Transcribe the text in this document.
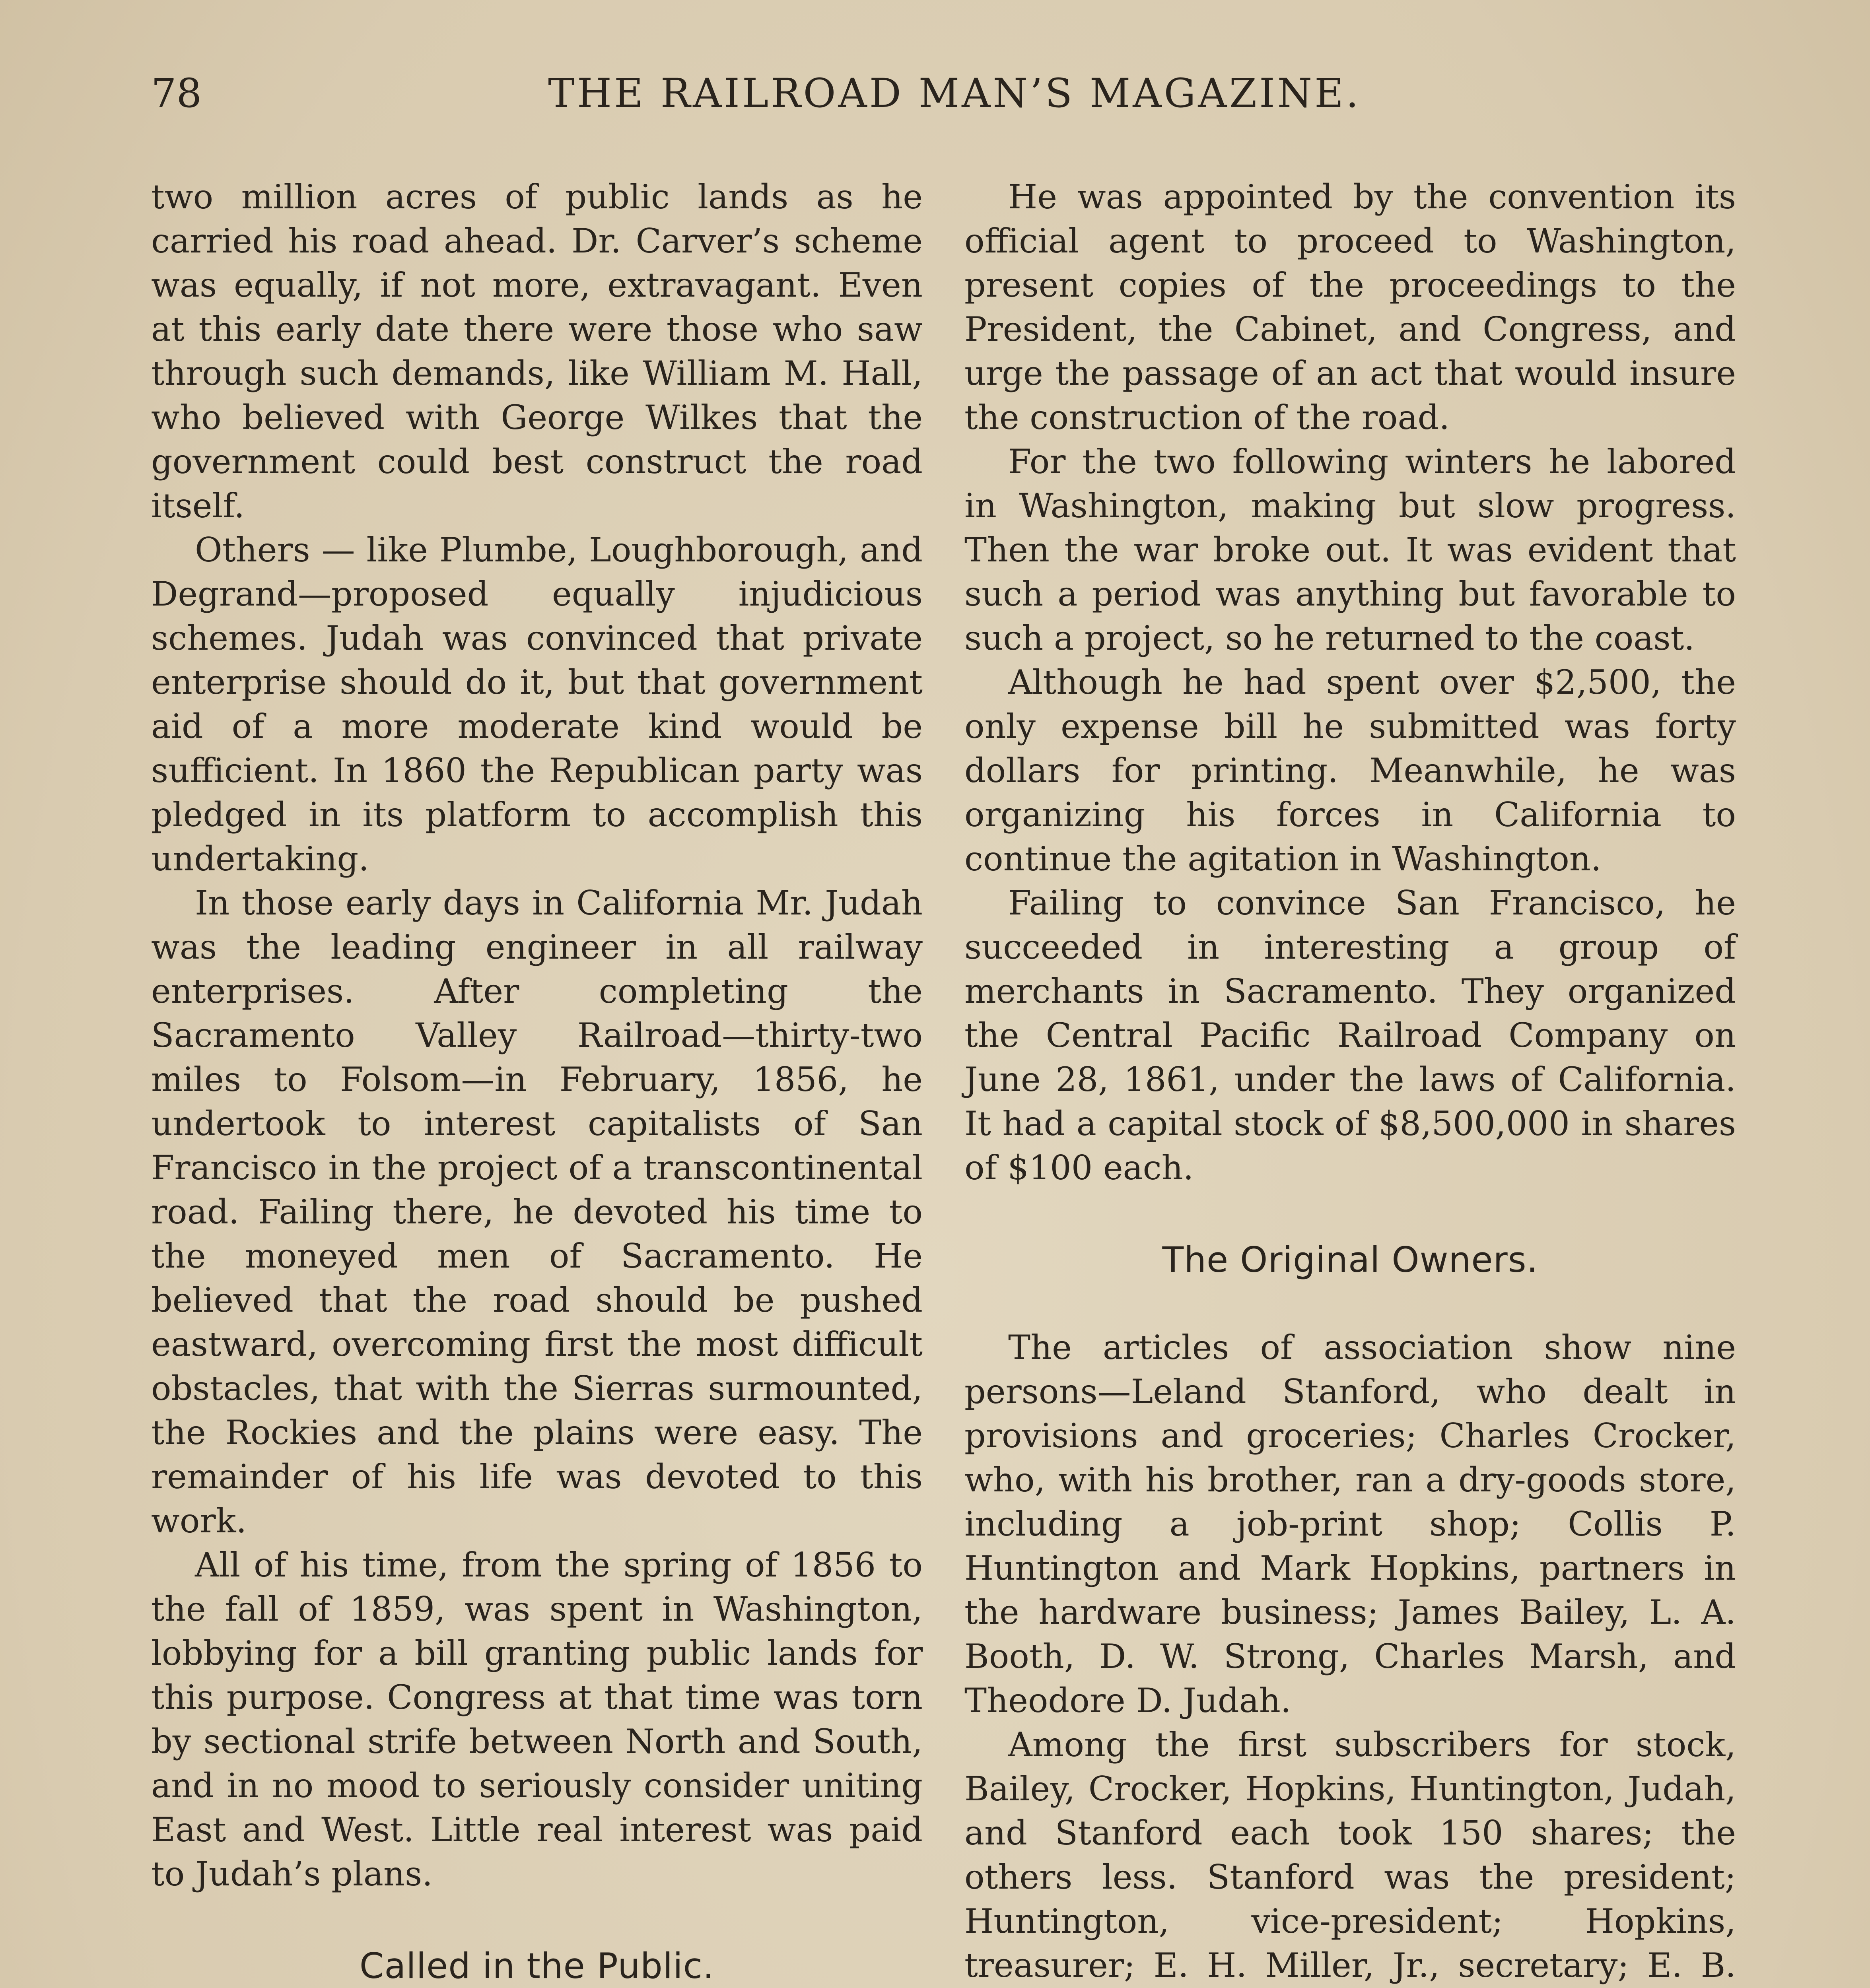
78	THE RAILROAD MAN’S MAGAZINE.

two million acres of public lands as he carried his road ahead. Dr. Carver’s scheme was equally, if not more, extravagant. Even at this early date there were those who saw through such demands, like William M. Hall, who believed with George Wilkes that the government could best construct the road itself.

Others — like Plumbe, Loughborough, and Degrand—proposed equally injudicious schemes. Judah was convinced that private enterprise should do it, but that government aid of a more moderate kind would be sufficient. In 1860 the Republican party was pledged in its platform to accomplish this undertaking.

In those early days in California Mr. Judah was the leading engineer in all railway enterprises. After completing the Sacramento Valley Railroad—thirty-two miles to Folsom—in February, 1856, he undertook to interest capitalists of San Francisco in the project of a transcontinental road. Failing there, he devoted his time to the moneyed men of Sacramento. He believed that the road should be pushed eastward, overcoming first the most difficult obstacles, that with the Sierras surmounted, the Rockies and the plains were easy. The remainder of his life was devoted to this work.

All of his time, from the spring of 1856 to the fall of 1859, was spent in Washington, lobbying for a bill granting public lands for this purpose. Congress at that time was torn by sectional strife between North and South, and in no mood to seriously consider uniting East and West. Little real interest was paid to Judah’s plans.

Called in the Public.

He was appointed by the convention its official agent to proceed to Washington, present copies of the proceedings to the President, the Cabinet, and Congress, and urge the passage of an act that would insure the construction of the road.

For the two following winters he labored in Washington, making but slow progress. Then the war broke out. It was evident that such a period was anything but favorable to such a project, so he returned to the coast.

Although he had spent over $2,500, the only expense bill he submitted was forty dollars for printing. Meanwhile, he was organizing his forces in California to continue the agitation in Washington.

Failing to convince San Francisco, he succeeded in interesting a group of merchants in Sacramento. They organized the Central Pacific Railroad Company on June 28, 1861, under the laws of California. It had a capital stock of $8,500,000 in shares of $100 each.

The Original Owners.

The articles of association show nine persons—Leland Stanford, who dealt in provisions and groceries; Charles Crocker, who, with his brother, ran a dry-goods store, including a job-print shop; Collis P. Huntington and Mark Hopkins, partners in the hardware business; James Bailey, L. A. Booth, D. W. Strong, Charles Marsh, and Theodore D. Judah.

Among the first subscribers for stock, Bailey, Crocker, Hopkins, Huntington, Judah, and Stanford each took 150 shares; the others less. Stanford was the president; Huntington, vice-president; Hopkins, treasurer; E. H. Miller, Jr., secretary; E. B.
